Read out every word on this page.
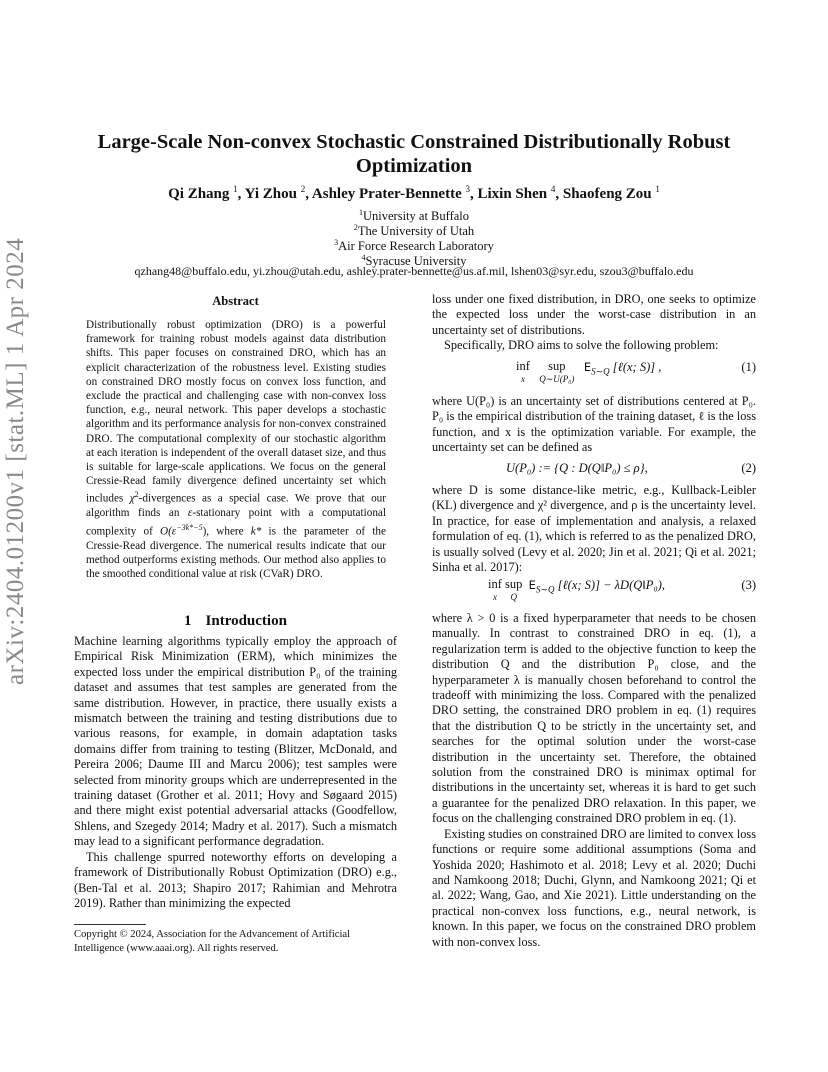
arXiv:2404.01200v1 [stat.ML] 1 Apr 2024
Large-Scale Non-convex Stochastic Constrained Distributionally Robust Optimization
Qi Zhang $^1$, Yi Zhou $^2$, Ashley Prater-Bennette $^3$, Lixin Shen $^4$, Shaofeng Zou $^1$
$^1$University at Buffalo
$^2$The University of Utah
$^3$Air Force Research Laboratory
$^4$Syracuse University
qzhang48@buffalo.edu, yi.zhou@utah.edu, ashley.prater-bennette@us.af.mil, lshen03@syr.edu, szou3@buffalo.edu
Abstract
Distributionally robust optimization (DRO) is a powerful framework for training robust models against data distribution shifts. This paper focuses on constrained DRO, which has an explicit characterization of the robustness level. Existing studies on constrained DRO mostly focus on convex loss function, and exclude the practical and challenging case with non-convex loss function, e.g., neural network. This paper develops a stochastic algorithm and its performance analysis for non-convex constrained DRO. The computational complexity of our stochastic algorithm at each iteration is independent of the overall dataset size, and thus is suitable for large-scale applications. We focus on the general Cressie-Read family divergence defined uncertainty set which includes $\chi^2$-divergences as a special case. We prove that our algorithm finds an ε-stationary point with a computational complexity of $O(\varepsilon^{-3k*-5})$, where k* is the parameter of the Cressie-Read divergence. The numerical results indicate that our method outperforms existing methods. Our method also applies to the smoothed conditional value at risk (CVaR) DRO.
1 Introduction

Machine learning algorithms typically employ the approach of Empirical Risk Minimization (ERM), which minimizes the expected loss under the empirical distribution P₀ of the training dataset and assumes that test samples are generated from the same distribution. However, in practice, there usually exists a mismatch between the training and testing distributions due to various reasons, for example, in domain adaptation tasks domains differ from training to testing (Blitzer, McDonald, and Pereira 2006; Daume III and Marcu 2006); test samples were selected from minority groups which are underrepresented in the training dataset (Grother et al. 2011; Hovy and Søgaard 2015) and there might exist potential adversarial attacks (Goodfellow, Shlens, and Szegedy 2014; Madry et al. 2017). Such a mismatch may lead to a significant performance degradation.

This challenge spurred noteworthy efforts on developing a framework of Distributionally Robust Optimization (DRO) e.g., (Ben-Tal et al. 2013; Shapiro 2017; Rahimian and Mehrotra 2019). Rather than minimizing the expected

Copyright © 2024, Association for the Advancement of Artificial Intelligence (www.aaai.org). All rights reserved.

loss under one fixed distribution, in DRO, one seeks to optimize the expected loss under the worst-case distribution in an uncertainty set of distributions.

Specifically, DRO aims to solve the following problem:

inf
x
sup
Q∼U(P₀)
$E_{S\sim Q}$ [ℓ(x; S)] ,	(1)
where U(P₀) is an uncertainty set of distributions centered at P₀. P₀ is the empirical distribution of the training dataset, ℓ is the loss function, and x is the optimization variable. For example, the uncertainty set can be defined as
U(P₀) := {Q : D(Q‖P₀) ≤ ρ},	(2)
where D is some distance-like metric, e.g., Kullback-Leibler (KL) divergence and χ² divergence, and ρ is the uncertainty level. In practice, for ease of implementation and analysis, a relaxed formulation of eq. (1), which is referred to as the penalized DRO, is usually solved (Levy et al. 2020; Jin et al. 2021; Qi et al. 2021; Sinha et al. 2017):
inf
x
sup
Q
$E_{S\sim Q}$ [ℓ(x; S)] − λD(Q‖P₀),	(3)

where λ > 0 is a fixed hyperparameter that needs to be chosen manually. In contrast to constrained DRO in eq. (1), a regularization term is added to the objective function to keep the distribution Q and the distribution P₀ close, and the hyperparameter λ is manually chosen beforehand to control the tradeoff with minimizing the loss. Compared with the penalized DRO setting, the constrained DRO problem in eq. (1) requires that the distribution Q to be strictly in the uncertainty set, and searches for the optimal solution under the worst-case distribution in the uncertainty set. Therefore, the obtained solution from the constrained DRO is minimax optimal for distributions in the uncertainty set, whereas it is hard to get such a guarantee for the penalized DRO relaxation. In this paper, we focus on the challenging constrained DRO problem in eq. (1).

Existing studies on constrained DRO are limited to convex loss functions or require some additional assumptions (Soma and Yoshida 2020; Hashimoto et al. 2018; Levy et al. 2020; Duchi and Namkoong 2018; Duchi, Glynn, and Namkoong 2021; Qi et al. 2022; Wang, Gao, and Xie 2021). Little understanding on the practical non-convex loss functions, e.g., neural network, is known. In this paper, we focus on the constrained DRO problem with non-convex loss.
